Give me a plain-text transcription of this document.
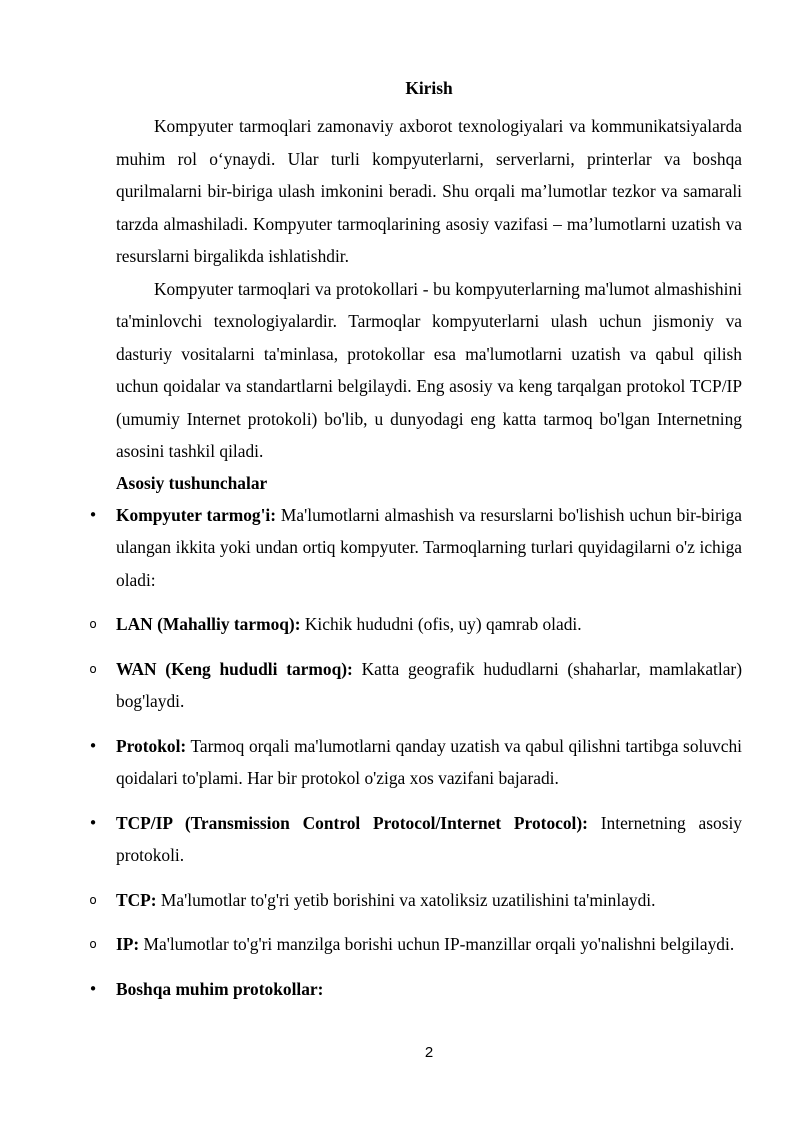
Kirish

Kompyuter tarmoqlari zamonaviy axborot texnologiyalari va kommunikatsiyalarda muhim rol o‘ynaydi. Ular turli kompyuterlarni, serverlarni, printerlar va boshqa qurilmalarni bir-biriga ulash imkonini beradi. Shu orqali ma’lumotlar tezkor va samarali tarzda almashiladi. Kompyuter tarmoqlarining asosiy vazifasi – ma’lumotlarni uzatish va resurslarni birgalikda ishlatishdir.

Kompyuter tarmoqlari va protokollari - bu kompyuterlarning ma'lumot almashishini ta'minlovchi texnologiyalardir. Tarmoqlar kompyuterlarni ulash uchun jismoniy va dasturiy vositalarni ta'minlasa, protokollar esa ma'lumotlarni uzatish va qabul qilish uchun qoidalar va standartlarni belgilaydi. Eng asosiy va keng tarqalgan protokol TCP/IP (umumiy Internet protokoli) bo'lib, u dunyodagi eng katta tarmoq bo'lgan Internetning asosini tashkil qiladi.

Asosiy tushunchalar

• Kompyuter tarmog'i: Ma'lumotlarni almashish va resurslarni bo'lishish uchun bir-biriga ulangan ikkita yoki undan ortiq kompyuter. Tarmoqlarning turlari quyidagilarni o'z ichiga oladi:
o LAN (Mahalliy tarmoq): Kichik hududni (ofis, uy) qamrab oladi.
o WAN (Keng hududli tarmoq): Katta geografik hududlarni (shaharlar, mamlakatlar) bog'laydi.
• Protokol: Tarmoq orqali ma'lumotlarni qanday uzatish va qabul qilishni tartibga soluvchi qoidalari to'plami. Har bir protokol o'ziga xos vazifani bajaradi.
• TCP/IP (Transmission Control Protocol/Internet Protocol): Internetning asosiy protokoli.
o TCP: Ma'lumotlar to'g'ri yetib borishini va xatoliksiz uzatilishini ta'minlaydi.
o IP: Ma'lumotlar to'g'ri manzilga borishi uchun IP-manzillar orqali yo'nalishni belgilaydi.
• Boshqa muhim protokollar:
2
